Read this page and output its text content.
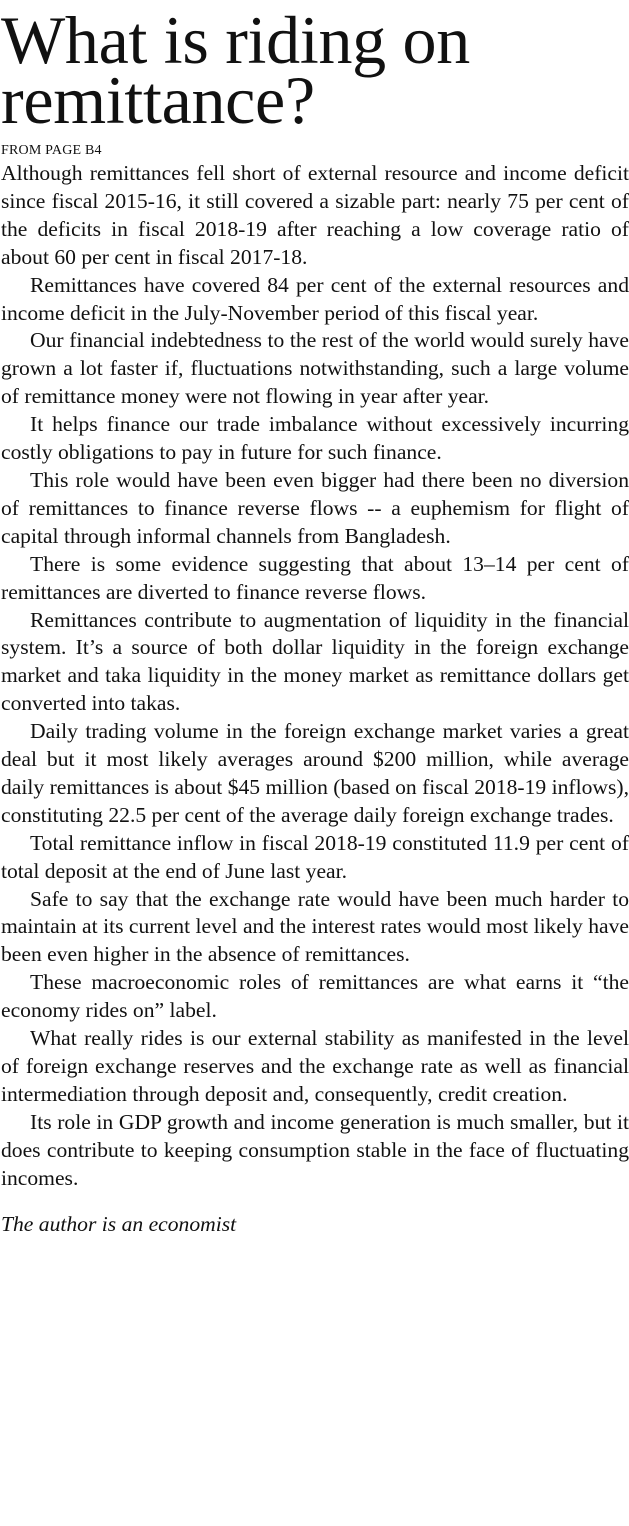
What is riding on
remittance?
FROM PAGE B4

Although remittances fell short of external resource and income deficit since fiscal 2015-16, it still covered a sizable part: nearly 75 per cent of the deficits in fiscal 2018-19 after reaching a low coverage ratio of about 60 per cent in fiscal 2017-18.

Remittances have covered 84 per cent of the external resources and income deficit in the July-November period of this fiscal year.

Our financial indebtedness to the rest of the world would surely have grown a lot faster if, fluctuations notwithstanding, such a large volume of remittance money were not flowing in year after year.

It helps finance our trade imbalance without excessively incurring costly obligations to pay in future for such finance.

This role would have been even bigger had there been no diversion of remittances to finance reverse flows -- a euphemism for flight of capital through informal channels from Bangladesh.

There is some evidence suggesting that about 13–14 per cent of remittances are diverted to finance reverse flows.

Remittances contribute to augmentation of liquidity in the financial system. It’s a source of both dollar liquidity in the foreign exchange market and taka liquidity in the money market as remittance dollars get converted into takas.

Daily trading volume in the foreign exchange market varies a great deal but it most likely averages around $200 million, while average daily remittances is about $45 million (based on fiscal 2018-19 inflows), constituting 22.5 per cent of the average daily foreign exchange trades.

Total remittance inflow in fiscal 2018-19 constituted 11.9 per cent of total deposit at the end of June last year.

Safe to say that the exchange rate would have been much harder to maintain at its current level and the interest rates would most likely have been even higher in the absence of remittances.

These macroeconomic roles of remittances are what earns it “the economy rides on” label.

What really rides is our external stability as manifested in the level of foreign exchange reserves and the exchange rate as well as financial intermediation through deposit and, consequently, credit creation.

Its role in GDP growth and income generation is much smaller, but it does contribute to keeping consumption stable in the face of fluctuating incomes.

The author is an economist
